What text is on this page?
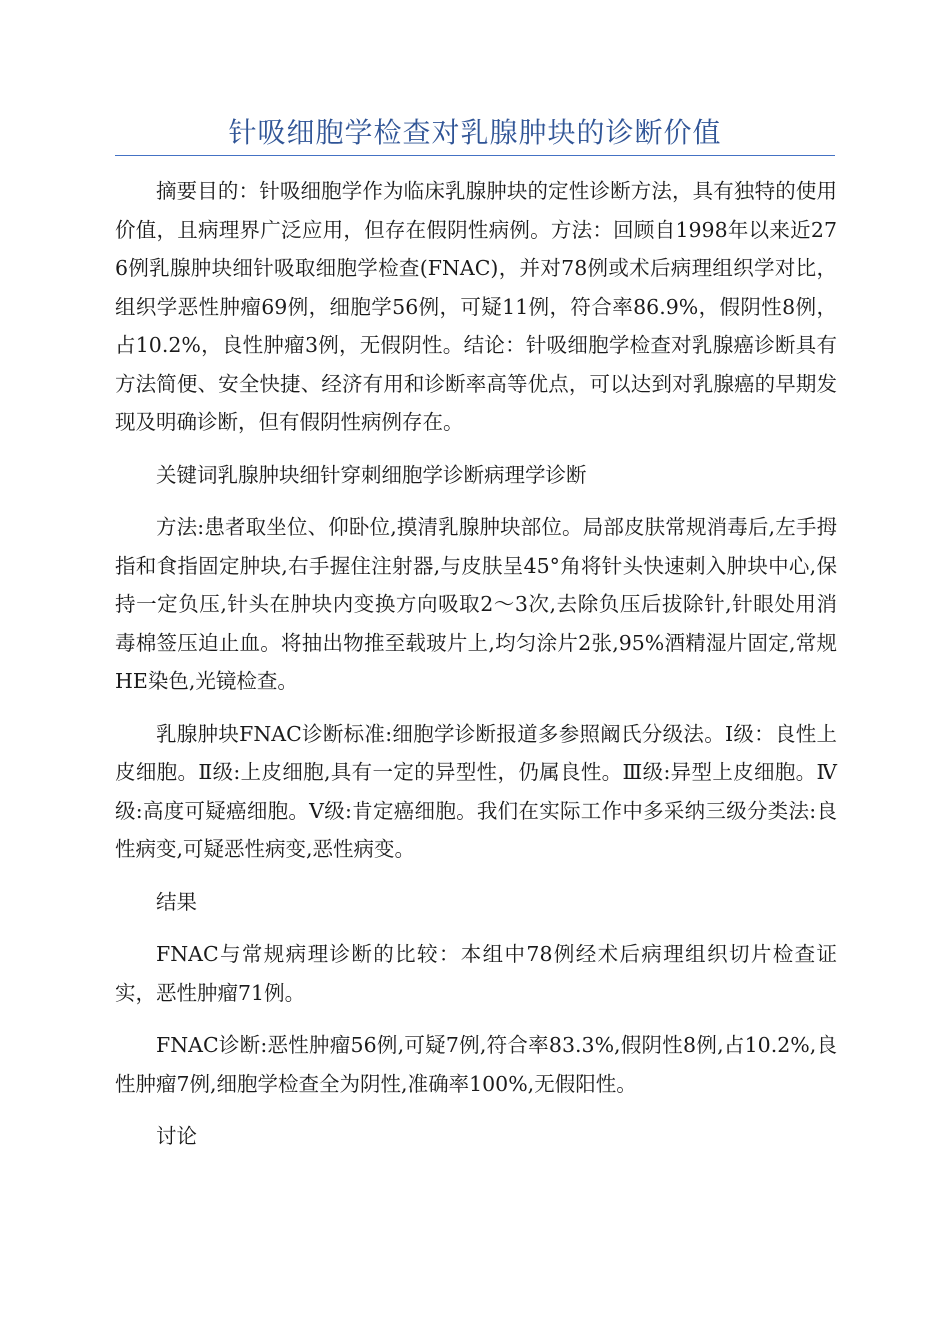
针吸细胞学检查对乳腺肿块的诊断价值

摘要目的：针吸细胞学作为临床乳腺肿块的定性诊断方法，具有独特的使用价值，且病理界广泛应用，但存在假阴性病例。方法：回顾自1998年以来近276例乳腺肿块细针吸取细胞学检查(FNAC)，并对78例或术后病理组织学对比，组织学恶性肿瘤69例，细胞学56例，可疑11例，符合率86.9%，假阴性8例，占10.2%，良性肿瘤3例，无假阴性。结论：针吸细胞学检查对乳腺癌诊断具有方法简便、安全快捷、经济有用和诊断率高等优点，可以达到对乳腺癌的早期发现及明确诊断，但有假阴性病例存在。

关键词乳腺肿块细针穿刺细胞学诊断病理学诊断

方法:患者取坐位、仰卧位,摸清乳腺肿块部位。局部皮肤常规消毒后,左手拇指和食指固定肿块,右手握住注射器,与皮肤呈45°角将针头快速刺入肿块中心,保持一定负压,针头在肿块内变换方向吸取2～3次,去除负压后拔除针,针眼处用消毒棉签压迫止血。将抽出物推至载玻片上,均匀涂片2张,95%酒精湿片固定,常规HE染色,光镜检查。

乳腺肿块FNAC诊断标准:细胞学诊断报道多参照阚氏分级法。Ⅰ级：良性上皮细胞。Ⅱ级:上皮细胞,具有一定的异型性，仍属良性。Ⅲ级:异型上皮细胞。Ⅳ级:高度可疑癌细胞。Ⅴ级:肯定癌细胞。我们在实际工作中多采纳三级分类法:良性病变,可疑恶性病变,恶性病变。

结果

FNAC与常规病理诊断的比较：本组中78例经术后病理组织切片检查证实，恶性肿瘤71例。

FNAC诊断:恶性肿瘤56例,可疑7例,符合率83.3%,假阴性8例,占10.2%,良性肿瘤7例,细胞学检查全为阴性,准确率100%,无假阳性。

讨论
